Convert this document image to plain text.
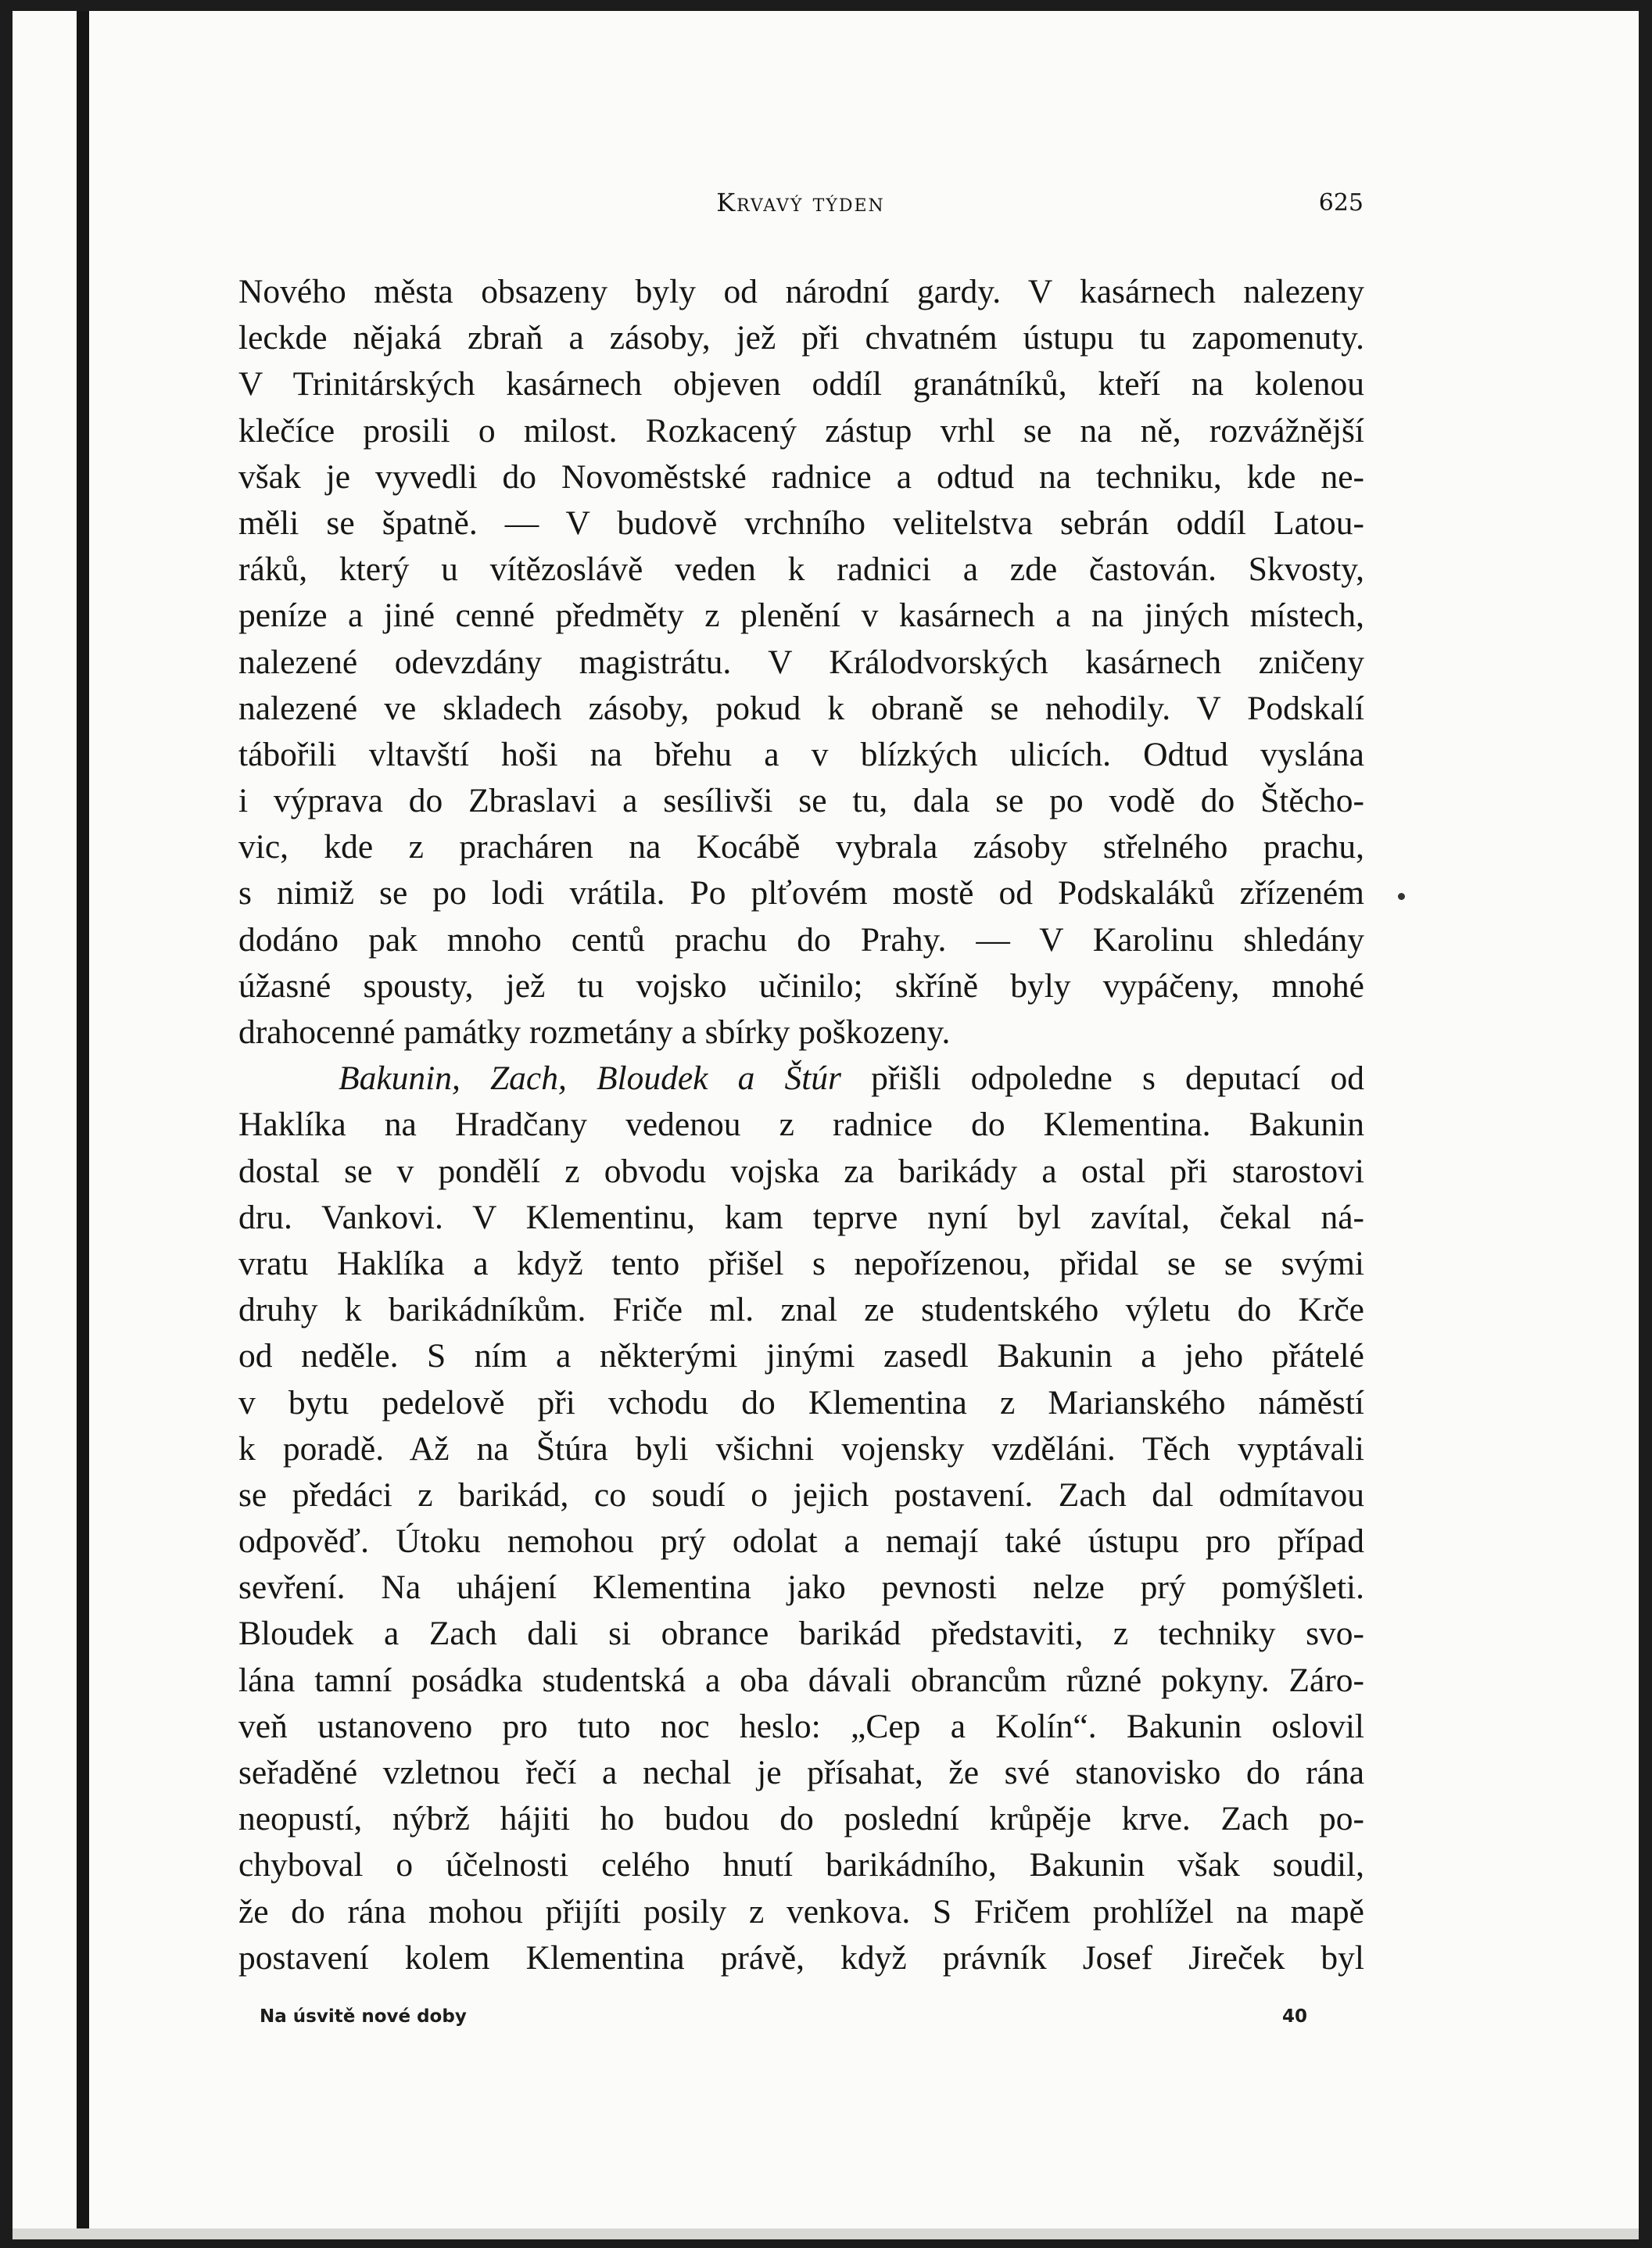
Krvavý týden	625
Nového města obsazeny byly od národní gardy. V kasárnech nalezeny
leckde nějaká zbraň a zásoby, jež při chvatném ústupu tu zapomenuty.
V Trinitárských kasárnech objeven oddíl granátníků, kteří na kolenou
klečíce prosili o milost. Rozkacený zástup vrhl se na ně, rozvážnější
však je vyvedli do Novoměstské radnice a odtud na techniku, kde ne-
měli se špatně. — V budově vrchního velitelstva sebrán oddíl Latou-
ráků, který u vítězoslávě veden k radnici a zde častován. Skvosty,
peníze a jiné cenné předměty z plenění v kasárnech a na jiných místech,
nalezené odevzdány magistrátu. V Králodvorských kasárnech zničeny
nalezené ve skladech zásoby, pokud k obraně se nehodily. V Podskalí
tábořili vltavští hoši na břehu a v blízkých ulicích. Odtud vyslána
i výprava do Zbraslavi a sesílivši se tu, dala se po vodě do Štěcho-
vic, kde z pracháren na Kocábě vybrala zásoby střelného prachu,
s nimiž se po lodi vrátila. Po plťovém mostě od Podskaláků zřízeném
dodáno pak mnoho centů prachu do Prahy. — V Karolinu shledány
úžasné spousty, jež tu vojsko učinilo; skříně byly vypáčeny, mnohé
drahocenné památky rozmetány a sbírky poškozeny.
Bakunin, Zach, Bloudek a Štúr přišli odpoledne s deputací od
Haklíka na Hradčany vedenou z radnice do Klementina. Bakunin
dostal se v pondělí z obvodu vojska za barikády a ostal při starostovi
dru. Vankovi. V Klementinu, kam teprve nyní byl zavítal, čekal ná-
vratu Haklíka a když tento přišel s nepořízenou, přidal se se svými
druhy k barikádníkům. Friče ml. znal ze studentského výletu do Krče
od neděle. S ním a některými jinými zasedl Bakunin a jeho přátelé
v bytu pedelově při vchodu do Klementina z Marianského náměstí
k poradě. Až na Štúra byli všichni vojensky vzděláni. Těch vyptávali
se předáci z barikád, co soudí o jejich postavení. Zach dal odmítavou
odpověď. Útoku nemohou prý odolat a nemají také ústupu pro případ
sevření. Na uhájení Klementina jako pevnosti nelze prý pomýšleti.
Bloudek a Zach dali si obrance barikád představiti, z techniky svo-
lána tamní posádka studentská a oba dávali obrancům různé pokyny. Záro-
veň ustanoveno pro tuto noc heslo: „Cep a Kolín“. Bakunin oslovil
seřaděné vzletnou řečí a nechal je přísahat, že své stanovisko do rána
neopustí, nýbrž hájiti ho budou do poslední krůpěje krve. Zach po-
chyboval o účelnosti celého hnutí barikádního, Bakunin však soudil,
že do rána mohou přijíti posily z venkova. S Fričem prohlížel na mapě
postavení kolem Klementina právě, když právník Josef Jireček byl
Na úsvitě nové doby	40
